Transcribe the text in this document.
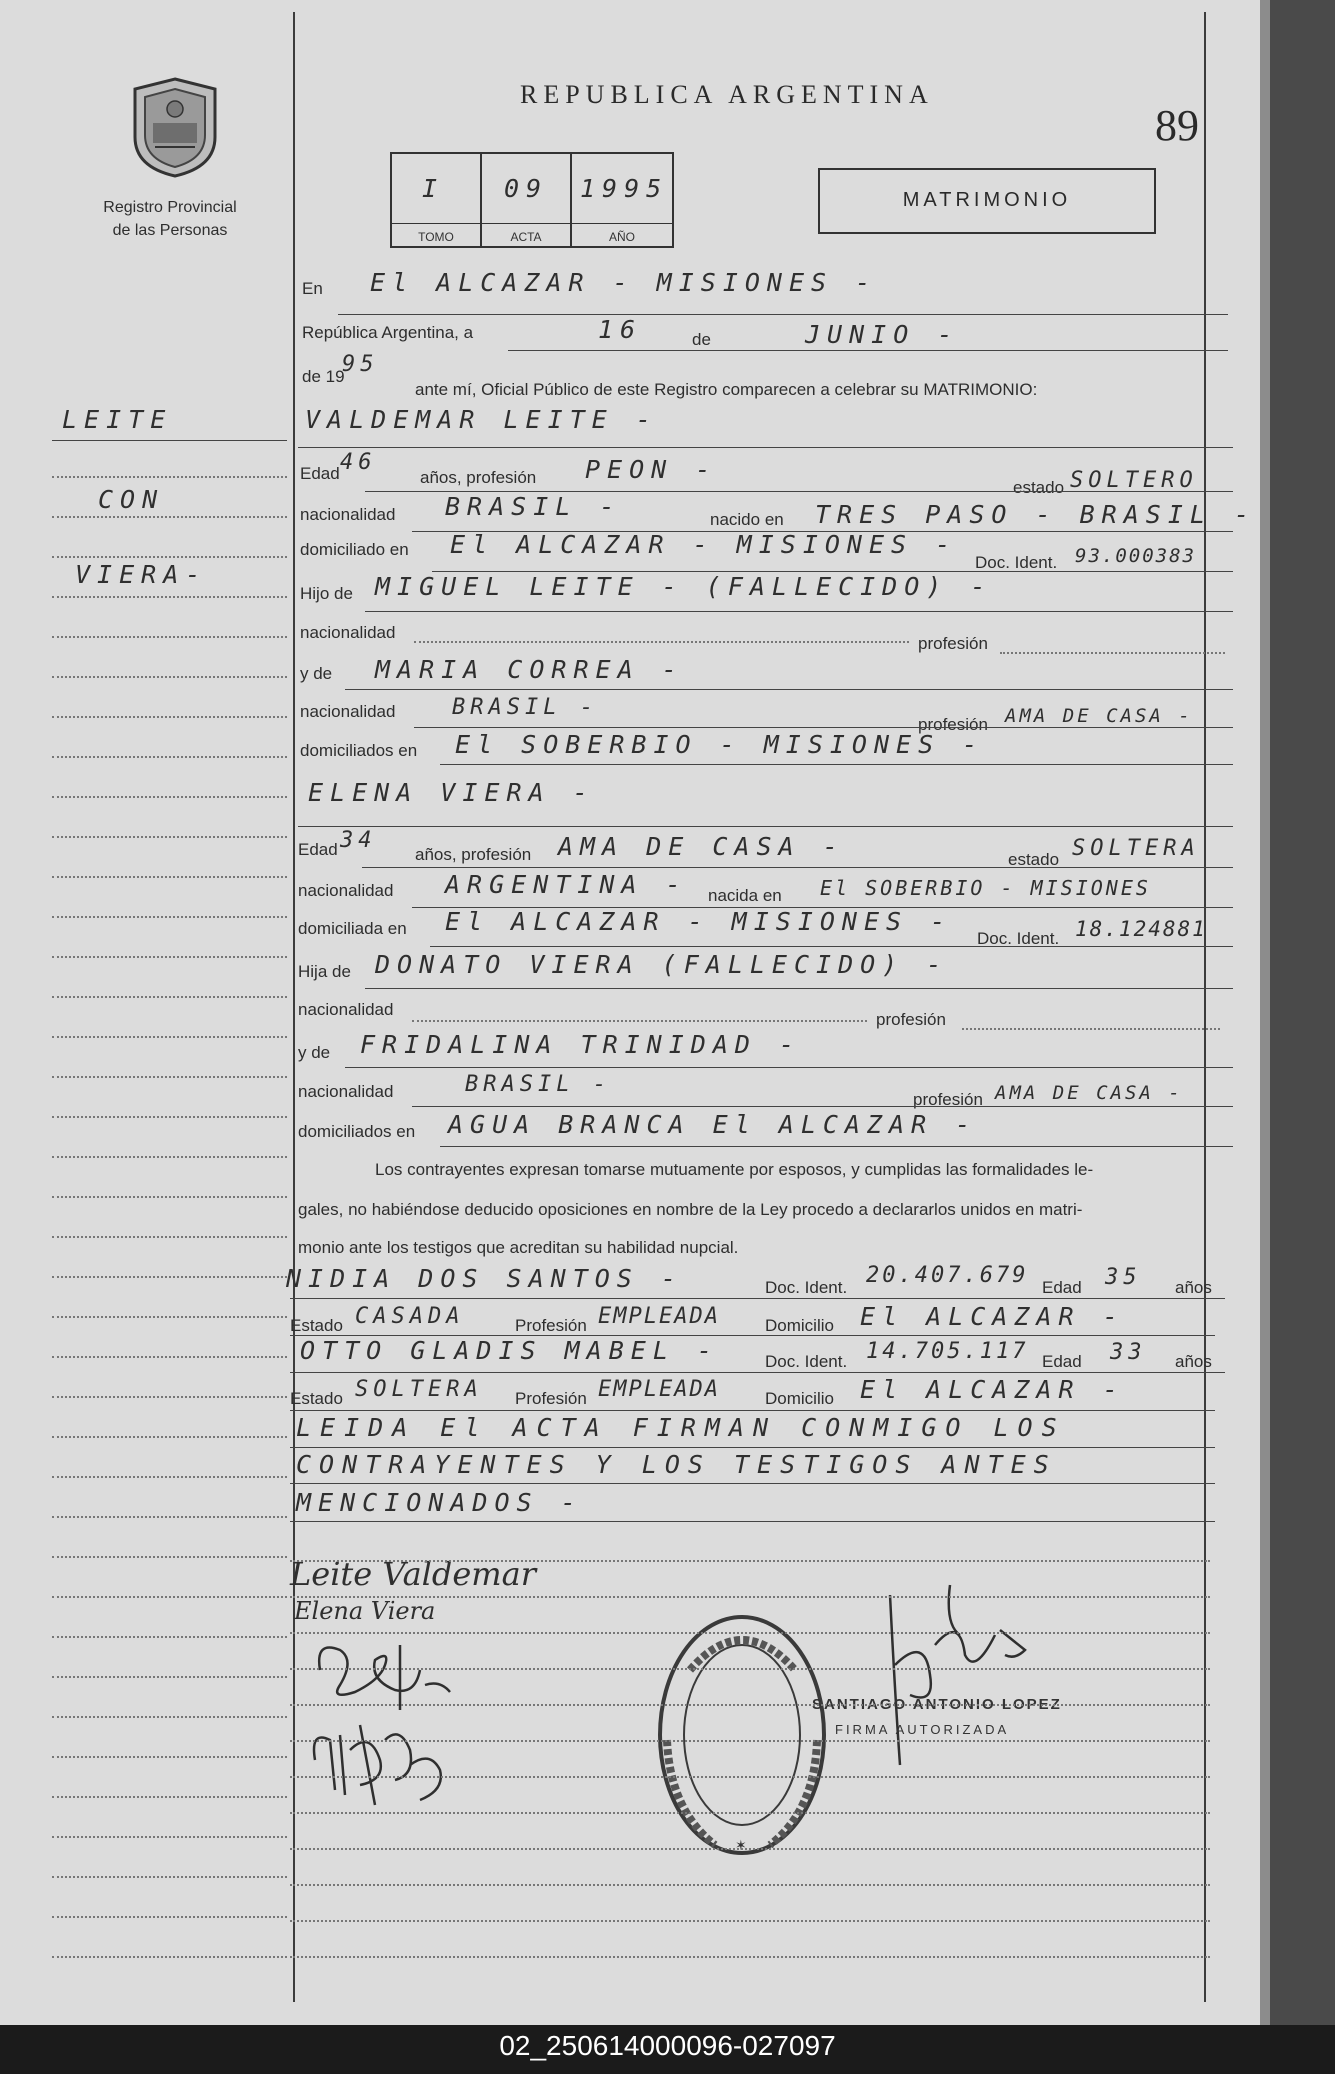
Registro Provincial
de las Personas
REPUBLICA ARGENTINA
89
I
TOMO
09
ACTA
1995
AÑO
MATRIMONIO
LEITE
CON
VIERA-
En El ALCAZAR - MISIONES -
República Argentina, a	16	de	JUNIO -
de 19
95
ante mí, Oficial Público de este Registro comparecen a celebrar su MATRIMONIO:
VALDEMAR LEITE -
Edad 46
años, profesión PEON -
estado SOLTERO
nacionalidad BRASIL -	nacido en TRES PASO - BRASIL -
domiciliado en El ALCAZAR - MISIONES -
Doc. Ident. 93.000383
Hijo de MIGUEL LEITE - (FALLECIDO) -
nacionalidad
profesión
y de MARIA CORREA -
nacionalidad	BRASIL -
profesión AMA DE CASA -
domiciliados en El SOBERBIO - MISIONES -
ELENA VIERA -
Edad 34
años, profesión AMA DE CASA -	estado SOLTERA
nacionalidad ARGENTINA - nacida en El SOBERBIO - MISIONES
domiciliada en El ALCAZAR - MISIONES -
Doc. Ident. 18.124881
Hija de DONATO VIERA (FALLECIDO) -
nacionalidad
profesión
y de FRIDALINA TRINIDAD -
nacionalidad	BRASIL -
profesión AMA DE CASA -
domiciliados en AGUA BRANCA El ALCAZAR -
Los contrayentes expresan tomarse mutuamente por esposos, y cumplidas las formalidades le-
gales, no habiéndose deducido oposiciones en nombre de la Ley procedo a declararlos unidos en matri-
monio ante los testigos que acreditan su habilidad nupcial.
NIDIA DOS SANTOS -	Doc. Ident. 20.407.679 Edad 35 años
Estado CASADA	Profesión EMPLEADA	Domicilio El ALCAZAR -
OTTO GLADIS MABEL -	Doc. Ident. 14.705.117 Edad 33 años
Estado SOLTERA Profesión EMPLEADA	Domicilio El ALCAZAR -
LEIDA El ACTA FIRMAN CONMIGO LOS
CONTRAYENTES Y LOS TESTIGOS ANTES
MENCIONADOS -
Leite Valdemar
Elena Viera
✶
SANTIAGO ANTONIO LOPEZ
FIRMA AUTORIZADA
02_250614000096-027097
